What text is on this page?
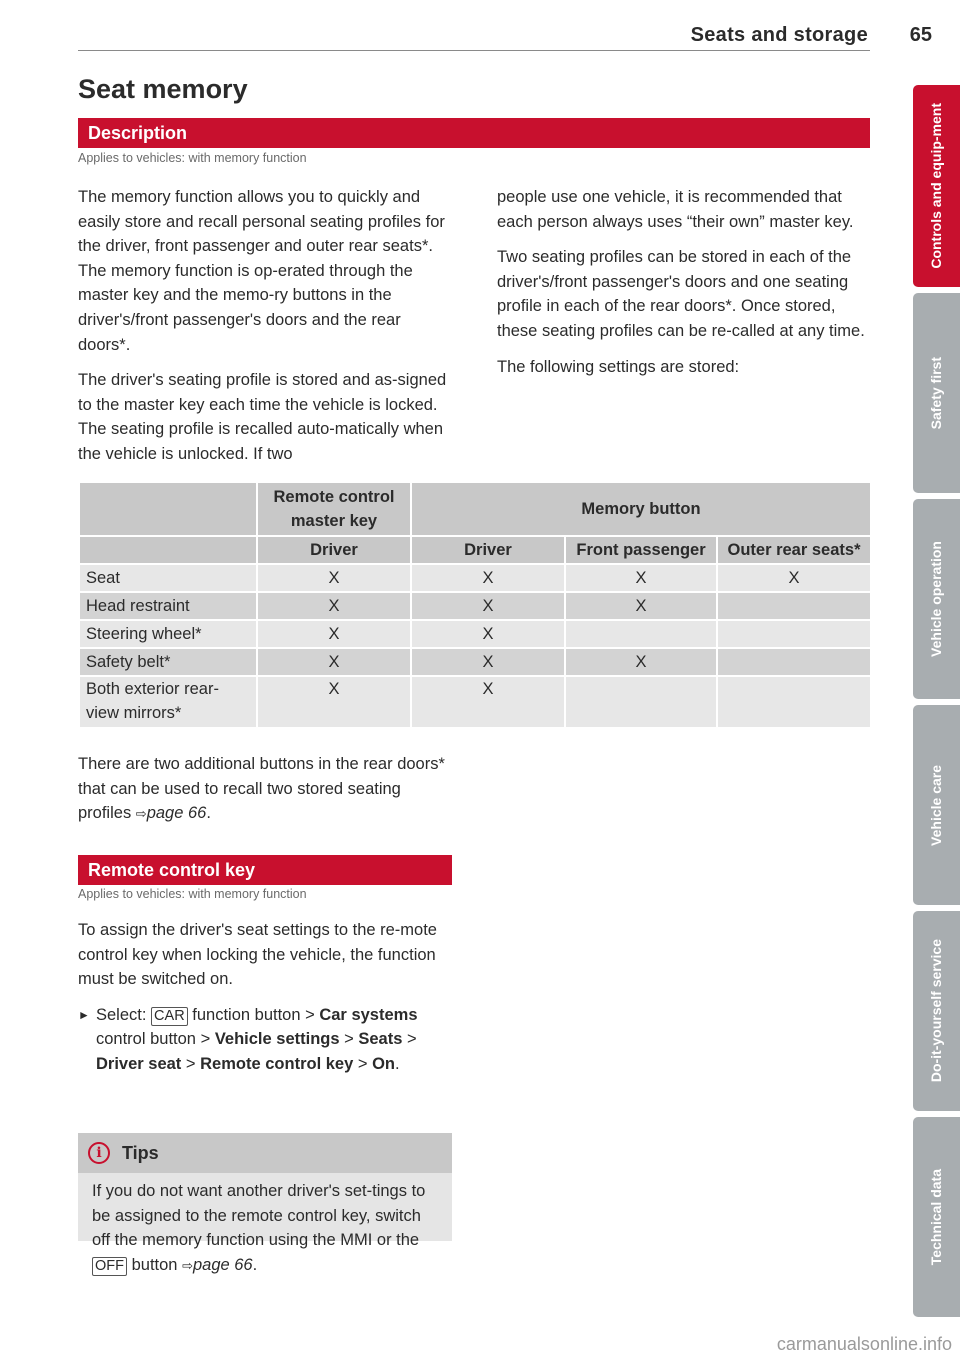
Seats and storage 65
Seat memory
Description
Applies to vehicles: with memory function

The memory function allows you to quickly and easily store and recall personal seating profiles for the driver, front passenger and outer rear seats*. The memory function is op-erated through the master key and the memo-ry buttons in the driver's/front passenger's doors and the rear doors*.

The driver's seating profile is stored and as-signed to the master key each time the vehicle is locked. The seating profile is recalled auto-matically when the vehicle is unlocked. If two

people use one vehicle, it is recommended that each person always uses “their own” master key.

Two seating profiles can be stored in each of the driver's/front passenger's doors and one seating profile in each of the rear doors*. Once stored, these seating profiles can be re-called at any time.

The following settings are stored:

	Remote control master key	Memory button		
	Driver	Driver	Front passenger	Outer rear seats*
Seat	X	X	X	X
Head restraint	X	X	X	
Steering wheel*	X	X		
Safety belt*	X	X	X	
Both exterior rear-view mirrors*	X	X		
There are two additional buttons in the rear doors* that can be used to recall two stored seating profiles ⇨page 66.
Remote control key
Applies to vehicles: with memory function

To assign the driver's seat settings to the re-mote control key when locking the vehicle, the function must be switched on.

► Select: CAR function button > Car systems control button > Vehicle settings > Seats > Driver seat > Remote control key > On.

i	Tips
If you do not want another driver's set-tings to be assigned to the remote control key, switch off the memory function using the MMI or the OFF button ⇨page 66.
Controls and equip-ment
Safety first
Vehicle operation
Vehicle care
Do-it-yourself service
Technical data
carmanualsonline.info
